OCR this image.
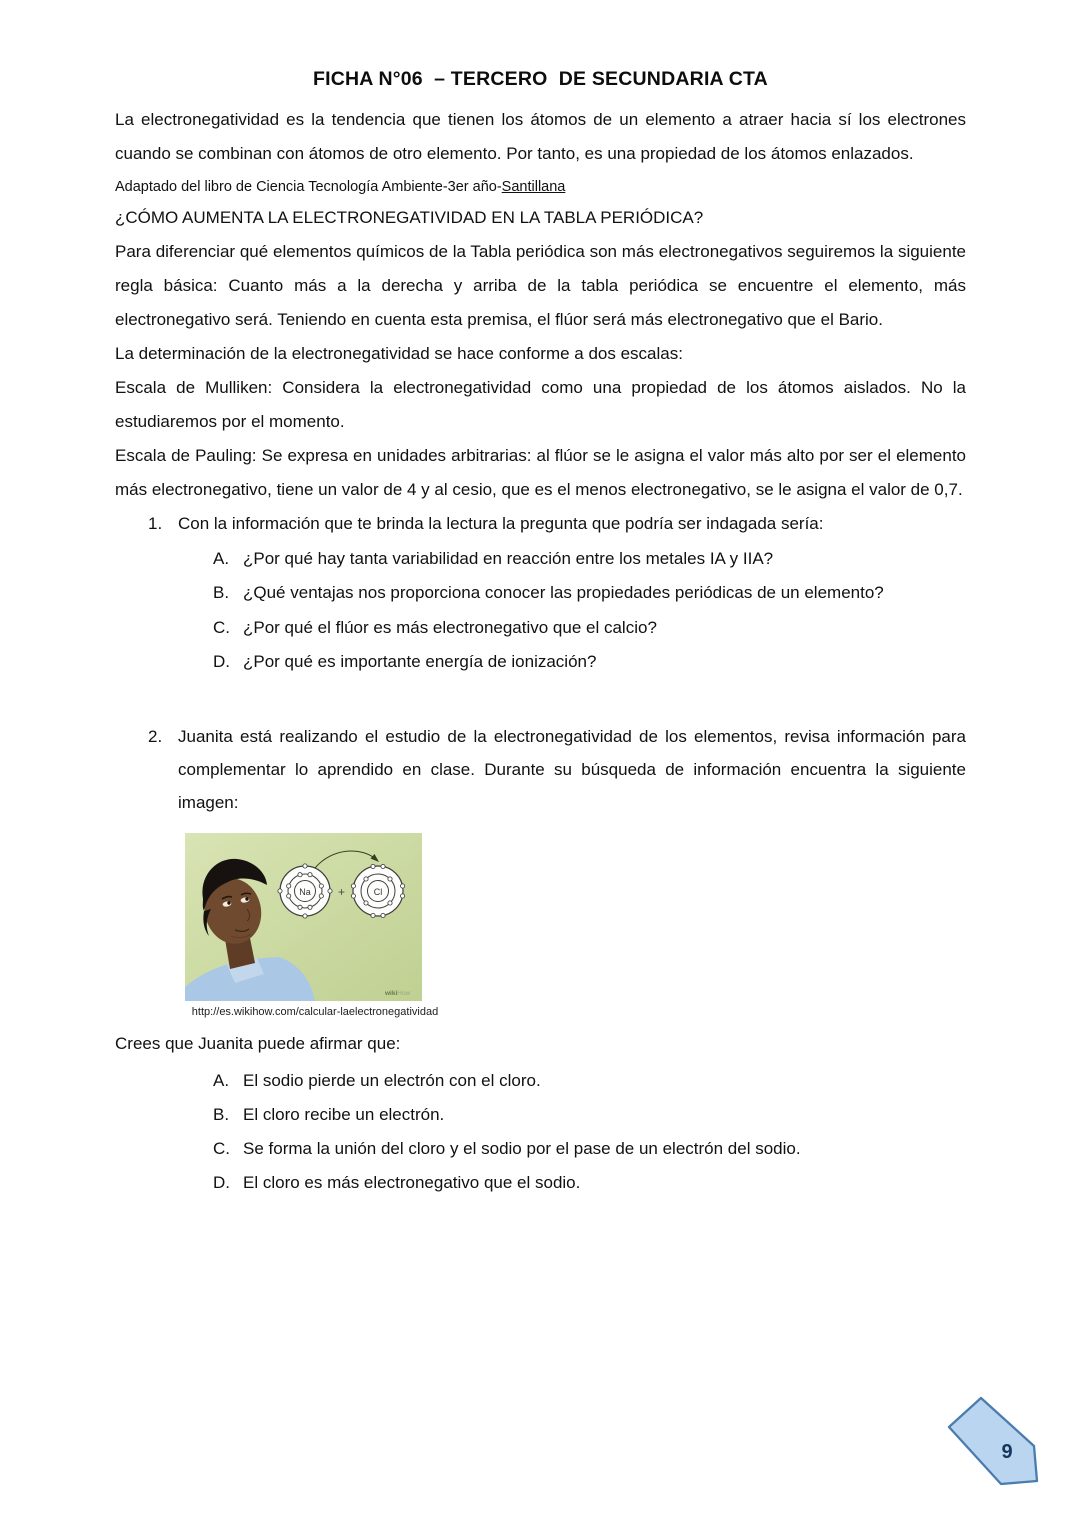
FICHA N°06  – TERCERO  DE SECUNDARIA CTA

La electronegatividad es la tendencia que tienen los átomos de un elemento a atraer hacia sí los electrones cuando se combinan con átomos de otro elemento. Por tanto, es una propiedad de los átomos enlazados.

Adaptado del libro de Ciencia Tecnología Ambiente-3er año-Santillana

¿CÓMO AUMENTA LA ELECTRONEGATIVIDAD EN LA TABLA PERIÓDICA?

Para diferenciar qué elementos químicos de la Tabla periódica son más electronegativos seguiremos la siguiente regla básica: Cuanto más a la derecha y arriba de la tabla periódica se encuentre el elemento, más electronegativo será. Teniendo en cuenta esta premisa, el flúor será más electronegativo que el Bario.

La determinación de la electronegatividad se hace conforme a dos escalas:

Escala de Mulliken: Considera la electronegatividad como una propiedad de los átomos aislados. No la estudiaremos por el momento.

Escala de Pauling: Se expresa en unidades arbitrarias: al flúor se le asigna el valor más alto por ser el elemento más electronegativo, tiene un valor de 4 y al cesio, que es el menos electronegativo, se le asigna el valor de 0,7.

1. Con la información que te brinda la lectura la pregunta que podría ser indagada sería:
A. ¿Por qué hay tanta variabilidad en reacción entre los metales IA y IIA?
B. ¿Qué ventajas nos proporciona conocer las propiedades periódicas de un elemento?
C. ¿Por qué el flúor es más electronegativo que el calcio?
D. ¿Por qué es importante energía de ionización?
2. Juanita está realizando el estudio de la electronegatividad de los elementos, revisa información para complementar lo aprendido en clase. Durante su búsqueda de información encuentra la siguiente imagen:
Na +	Cl
wikiHow
http://es.wikihow.com/calcular-laelectronegatividad

Crees que Juanita puede afirmar que:

A. El sodio pierde un electrón con el cloro.
B. El cloro recibe un electrón.
C. Se forma la unión del cloro y el sodio por el pase de un electrón del sodio.
D. El cloro es más electronegativo que el sodio.
9
